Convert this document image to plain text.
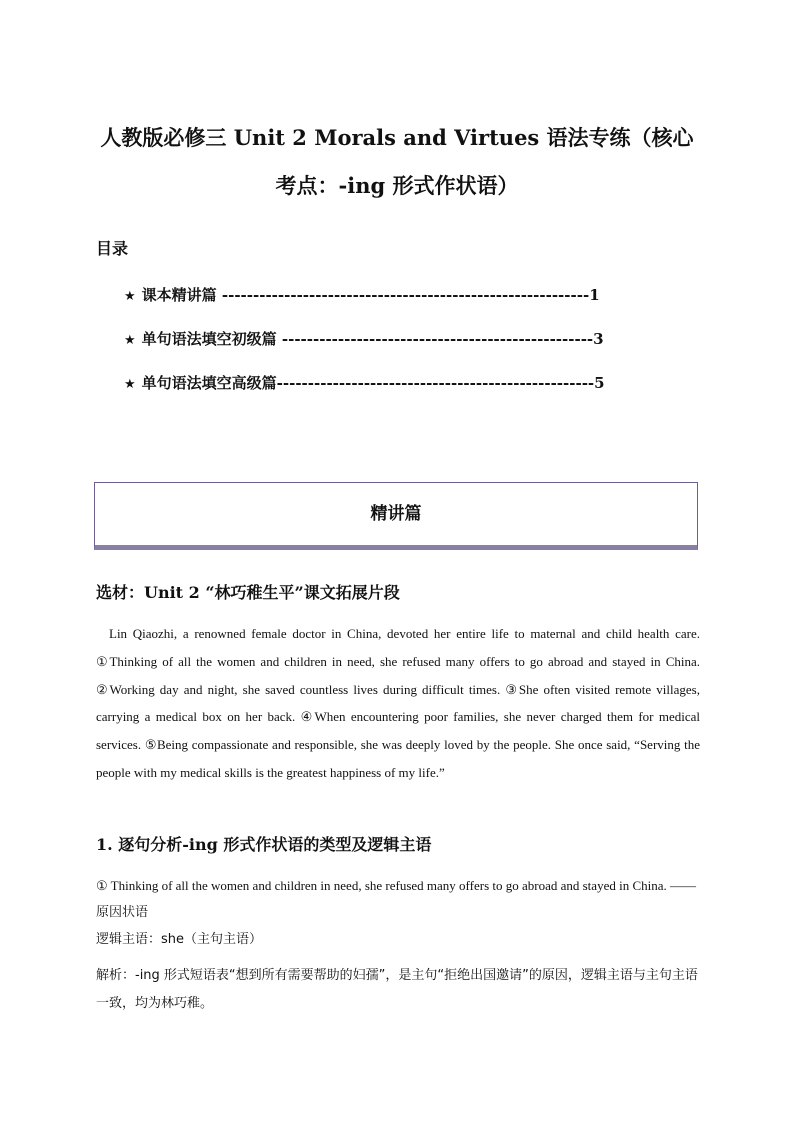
人教版必修三 Unit 2 Morals and Virtues 语法专练（核心
考点：-ing 形式作状语）
目录
★ 课本精讲篇 -----------------------------------------------------------1
★ 单句语法填空初级篇 --------------------------------------------------3
★ 单句语法填空高级篇---------------------------------------------------5
精讲篇
选材：Unit 2 “林巧稚生平”课文拓展片段

Lin Qiaozhi, a renowned female doctor in China, devoted her entire life to maternal and child health care. ①Thinking of all the women and children in need, she refused many offers to go abroad and stayed in China. ②Working day and night, she saved countless lives during difficult times. ③She often visited remote villages, carrying a medical box on her back. ④When encountering poor families, she never charged them for medical services. ⑤Being compassionate and responsible, she was deeply loved by the people. She once said, “Serving the people with my medical skills is the greatest happiness of my life.”

1. 逐句分析-ing 形式作状语的类型及逻辑主语

① Thinking of all the women and children in need, she refused many offers to go abroad and stayed in China. ——原因状语

逻辑主语：she（主句主语）

解析：-ing 形式短语表“想到所有需要帮助的妇孺”，是主句“拒绝出国邀请”的原因，逻辑主语与主句主语一致，均为林巧稚。
